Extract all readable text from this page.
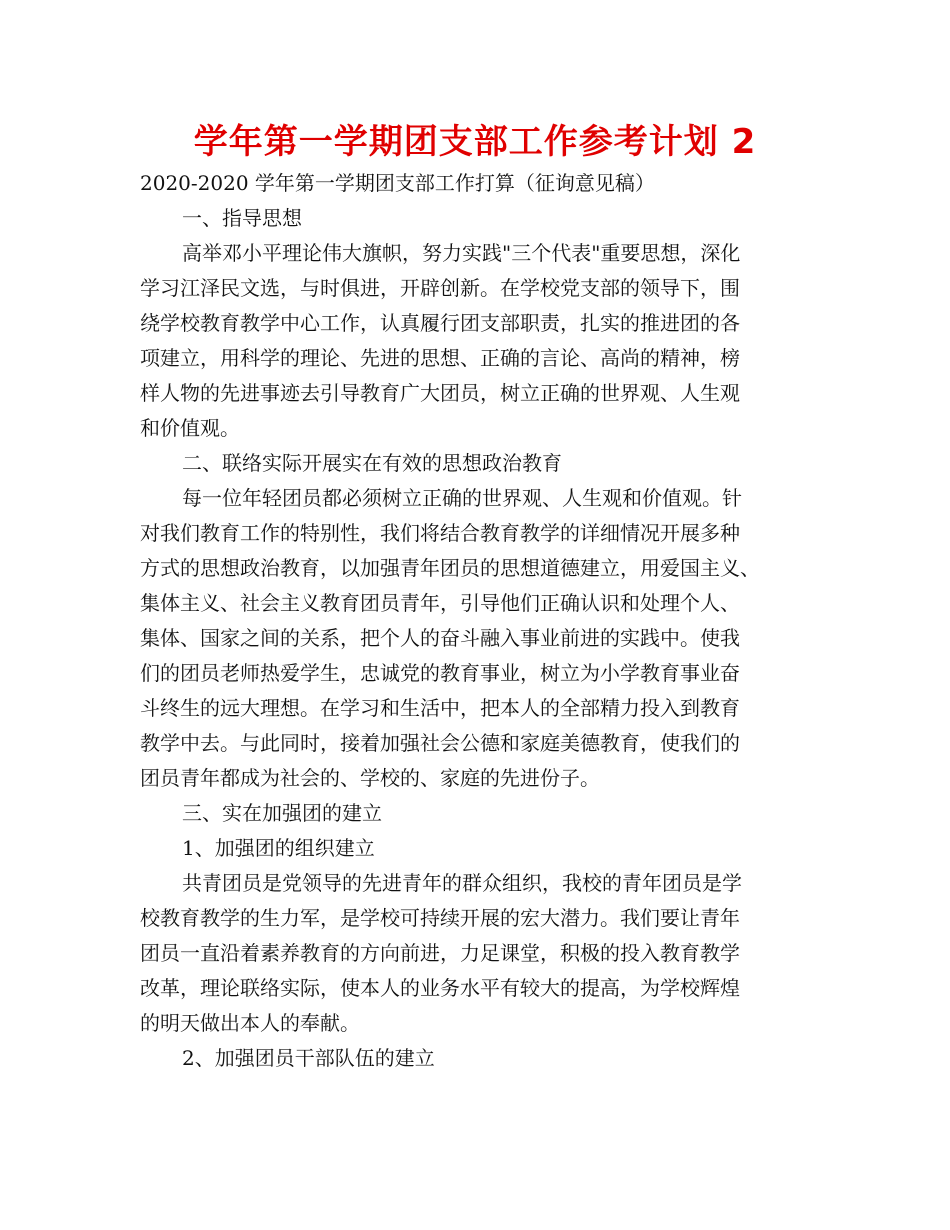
学年第一学期团支部工作参考计划 2
2020-2020 学年第一学期团支部工作打算（征询意见稿）
一、指导思想
高举邓小平理论伟大旗帜，努力实践"三个代表"重要思想，深化
学习江泽民文选，与时俱进，开辟创新。在学校党支部的领导下，围
绕学校教育教学中心工作，认真履行团支部职责，扎实的推进团的各
项建立，用科学的理论、先进的思想、正确的言论、高尚的精神，榜
样人物的先进事迹去引导教育广大团员，树立正确的世界观、人生观
和价值观。
二、联络实际开展实在有效的思想政治教育
每一位年轻团员都必须树立正确的世界观、人生观和价值观。针
对我们教育工作的特别性，我们将结合教育教学的详细情况开展多种
方式的思想政治教育，以加强青年团员的思想道德建立，用爱国主义、
集体主义、社会主义教育团员青年，引导他们正确认识和处理个人、
集体、国家之间的关系，把个人的奋斗融入事业前进的实践中。使我
们的团员老师热爱学生，忠诚党的教育事业，树立为小学教育事业奋
斗终生的远大理想。在学习和生活中，把本人的全部精力投入到教育
教学中去。与此同时，接着加强社会公德和家庭美德教育，使我们的
团员青年都成为社会的、学校的、家庭的先进份子。
三、实在加强团的建立
1、加强团的组织建立
共青团员是党领导的先进青年的群众组织，我校的青年团员是学
校教育教学的生力军，是学校可持续开展的宏大潜力。我们要让青年
团员一直沿着素养教育的方向前进，力足课堂，积极的投入教育教学
改革，理论联络实际，使本人的业务水平有较大的提高，为学校辉煌
的明天做出本人的奉献。
2、加强团员干部队伍的建立
